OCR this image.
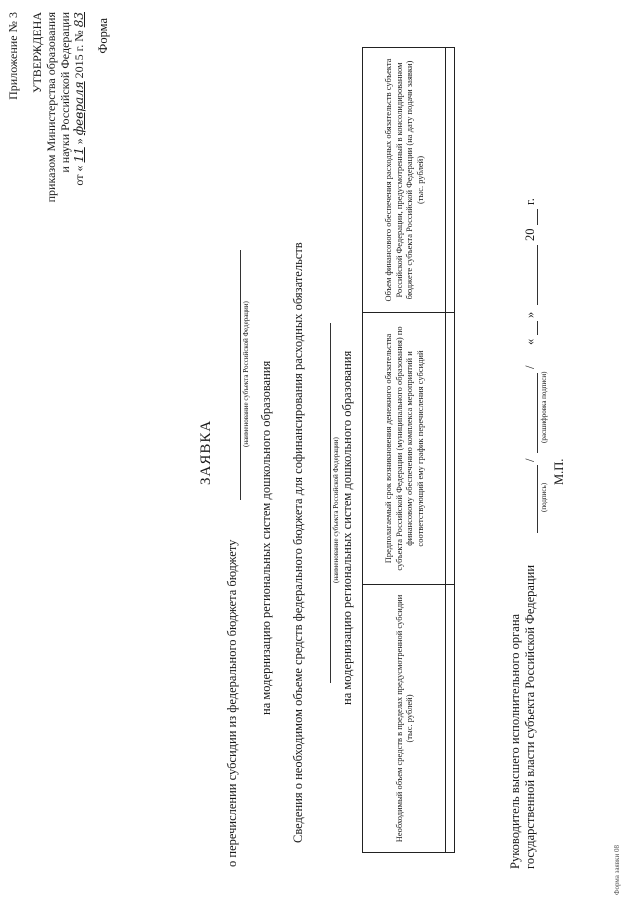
Приложение № 3 УТВЕРЖДЕНА приказом Министерства образования и науки Российской Федерации
от « 11 » февраля 2015 г. № 83 Форма
ЗАЯВКА
о перечислении субсидии из федерального бюджета бюджету
(наименование субъекта Российской Федерации) на модернизацию региональных систем дошкольного образования Сведения о необходимом объеме средств федерального бюджета для софинансирования расходных обязательств	(наименование субъекта Российской Федерации) на модернизацию региональных систем дошкольного образования
Необходимый объем средств в пределах предусмотренной субсидии (тыс. рублей)	Предполагаемый срок возникновения денежного обязательства субъекта Российской Федерации (муниципального образования) по финансовому обеспечению комплекса мероприятий и соответствующий ему график перечисления субсидий	Объем финансового обеспечения расходных обязательств субъекта Российской Федерации, предусмотренный в консолидированном бюджете субъекта Российской Федерации (на дату подачи заявки) (тыс. рублей)

Руководитель высшего исполнительного органа государственной власти субъекта Российской Федерации
/
/
(подпись)
(расшифровка подписи)
«
»
20
г.
М.П.
Форма заявки 08
